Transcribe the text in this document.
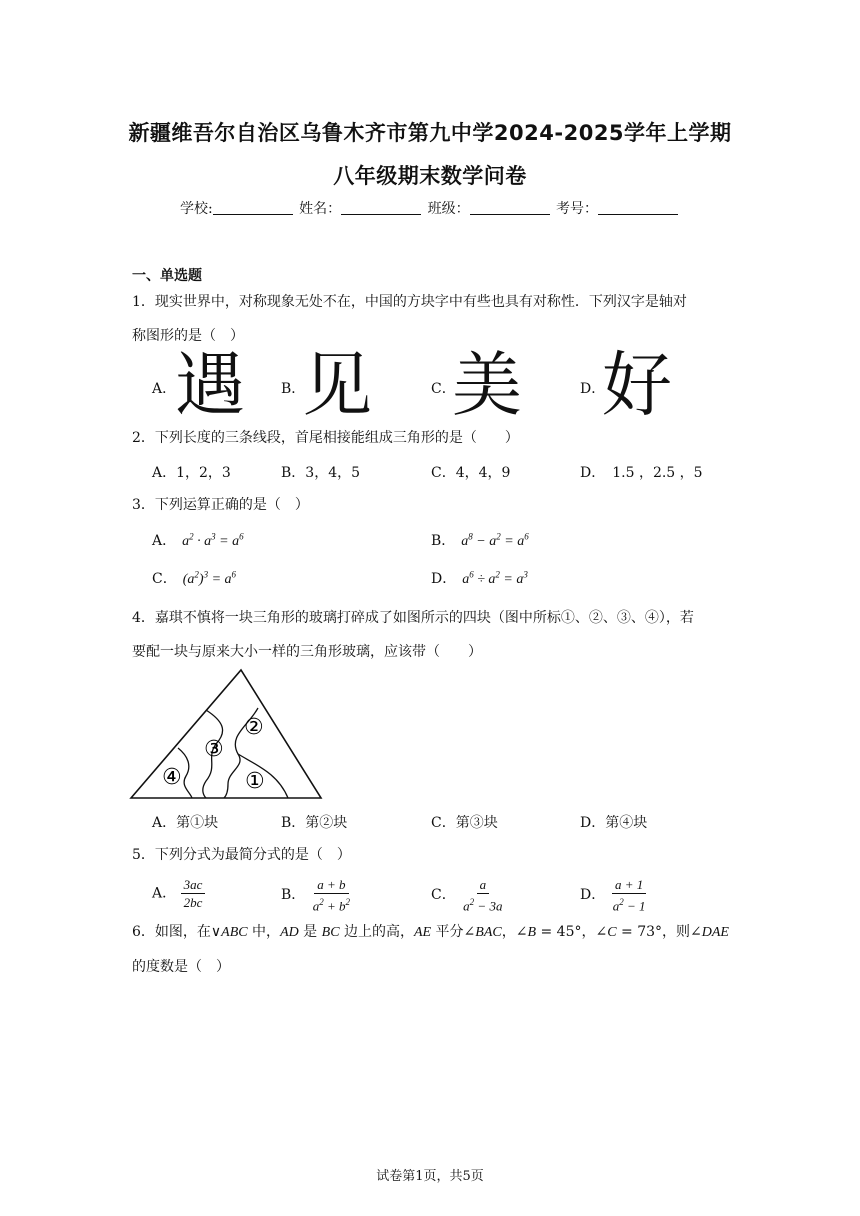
新疆维吾尔自治区乌鲁木齐市第九中学2024-2025学年上学期
八年级期末数学问卷
学校:	姓名：	班级：	考号：
一、单选题
1．现实世界中，对称现象无处不在，中国的方块字中有些也具有对称性．下列汉字是轴对
称图形的是（　）
A．
遇	B．
见	C．
美	D．
好
2．下列长度的三条线段，首尾相接能组成三角形的是（　　）
A．1，2，3	B．3，4，5	C．4，4，9	D．　1.5 ，2.5 ，5
3．下列运算正确的是（　）
A． $a^2 \cdot a^3 = a^6$	B． $a^8 - a^2 = a^6$
C． $(a^2)^3 = a^6$	D． $a^6 \div a^2 = a^3$
4．嘉琪不慎将一块三角形的玻璃打碎成了如图所示的四块（图中所标①、②、③、④），若
要配一块与原来大小一样的三角形玻璃，应该带（　　）
①
②
③
④
A．第①块	B．第②块	C．第③块	D．第④块
5．下列分式为最简分式的是（　）
A． $\frac{3ac}{2bc}$	B． $\frac{a + b}{a^2 + b^2}$	C． $\frac{a}{a^2 - 3a}$	D． $\frac{a + 1}{a^2 - 1}$
6．如图，在∨ABC 中，AD 是 BC 边上的高，AE 平分∠BAC，∠B = 45°，∠C = 73°，则∠DAE
的度数是（　）
试卷第1页，共5页
